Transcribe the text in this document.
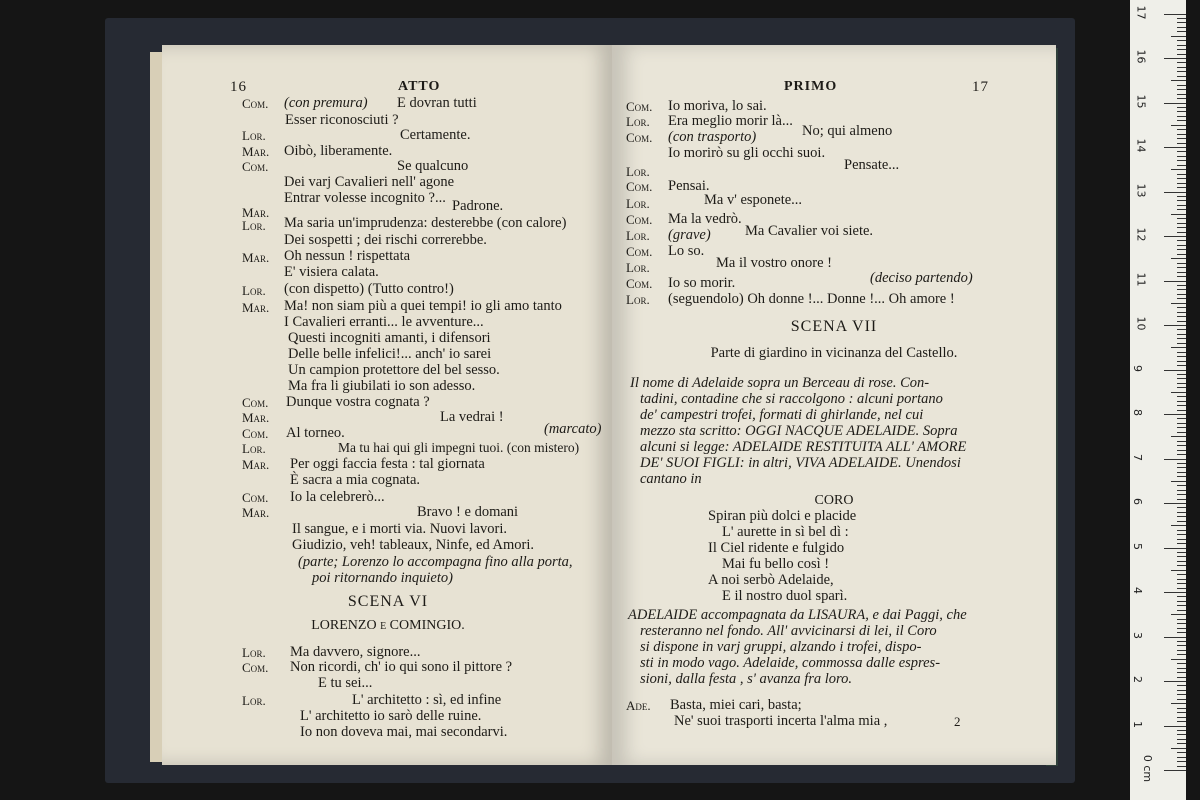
16	ATTO
Com. (con premura) E dovran tutti
Esser riconosciuti ?
Lor.	Certamente.
Mar. Oibò, liberamente.
Com.	Se qualcuno
Dei varj Cavalieri nell' agone
Entrar volesse incognito ?...
Mar.	Padrone.
Lor. Ma saria un'imprudenza: desterebbe (con calore)
Dei sospetti ; dei rischi correrebbe.
Mar. Oh nessun ! rispettata
E' visiera calata.
Lor. (con dispetto) (Tutto contro!)
Mar. Ma! non siam più a quei tempi! io gli amo tanto
I Cavalieri erranti... le avventure...
Questi incogniti amanti, i difensori
Delle belle infelici!... anch' io sarei
Un campion protettore del bel sesso.
Ma fra li giubilati io son adesso.
Com. Dunque vostra cognata ?
Mar.	La vedrai !
Com. Al torneo.	(marcato)
Lor.	Ma tu hai qui gli impegni tuoi. (con mistero)
Mar. Per oggi faccia festa : tal giornata
È sacra a mia cognata.
Com. Io la celebrerò...
Mar.	Bravo ! e domani
Il sangue, e i morti via. Nuovi lavori.
Giudizio, veh! tableaux, Ninfe, ed Amori.
(parte; Lorenzo lo accompagna fino alla porta,
poi ritornando inquieto)
SCENA VI
LORENZO e COMINGIO.
Lor. Ma davvero, signore...
Com. Non ricordi, ch' io qui sono il pittore ?
E tu sei...
Lor.	L' architetto : sì, ed infine
L' architetto io sarò delle ruine.
Io non doveva mai, mai secondarvi.
PRIMO	17
Com. Io moriva, lo sai.
Lor. Era meglio morir là...
Com. (con trasporto)	No; qui almeno
Io morirò su gli occhi suoi.
Lor.	Pensate...
Com. Pensai.
Lor.	Ma v' esponete...
Com. Ma la vedrò.
Lor. (grave) Ma Cavalier voi siete.
Com. Lo so.
Lor.	Ma il vostro onore !
Com. Io so morir.	(deciso partendo)
Lor. (seguendolo) Oh donne !... Donne !... Oh amore !
SCENA VII
Parte di giardino in vicinanza del Castello.
Il nome di Adelaide sopra un Berceau di rose. Con-
tadini, contadine che si raccolgono : alcuni portano
de' campestri trofei, formati di ghirlande, nel cui
mezzo sta scritto: OGGI NACQUE ADELAIDE. Sopra
alcuni si legge: ADELAIDE RESTITUITA ALL' AMORE
DE' SUOI FIGLI: in altri, VIVA ADELAIDE. Unendosi
cantano in
CORO
Spiran più dolci e placide
L' aurette in sì bel dì :
Il Ciel ridente e fulgido
Mai fu bello così !
A noi serbò Adelaide,
E il nostro duol sparì.
ADELAIDE accompagnata da LISAURA, e dai Paggi, che
resteranno nel fondo. All' avvicinarsi di lei, il Coro
si dispone in varj gruppi, alzando i trofei, dispo-
sti in modo vago. Adelaide, commossa dalle espres-
sioni, dalla festa , s' avanza fra loro.
Ade. Basta, miei cari, basta;
Ne' suoi trasporti incerta l'alma mia ,	2
0 cm
1
2
3
4
5
6
7
8
9
10
11
12
13
14
15
16
17
